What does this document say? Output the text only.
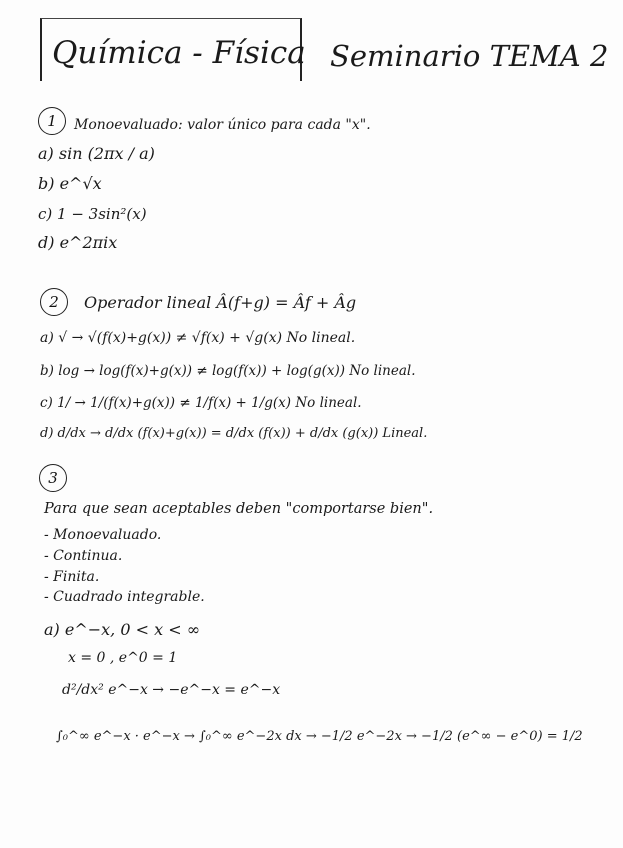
Química - Física Seminario TEMA 2
1	Monoevaluado: valor único para cada "x".
a) sin (2πx / a)
b) e^√x
c) 1 − 3sin²(x)
d) e^2πix
2	Operador lineal Â(f+g) = Âf + Âg
a) √ → √(f(x)+g(x)) ≠ √f(x) + √g(x) No lineal.
b) log → log(f(x)+g(x)) ≠ log(f(x)) + log(g(x)) No lineal.
c) 1/ → 1/(f(x)+g(x)) ≠ 1/f(x) + 1/g(x) No lineal.
d) d/dx → d/dx (f(x)+g(x)) = d/dx (f(x)) + d/dx (g(x)) Lineal.
3
Para que sean aceptables deben "comportarse bien".
- Monoevaluado.
- Continua.
- Finita.
- Cuadrado integrable.
a) e^−x, 0 < x < ∞
x = 0 , e^0 = 1
d²/dx² e^−x → −e^−x = e^−x
∫₀^∞ e^−x · e^−x → ∫₀^∞ e^−2x dx → −1/2 e^−2x → −1/2 (e^∞ − e^0) = 1/2
